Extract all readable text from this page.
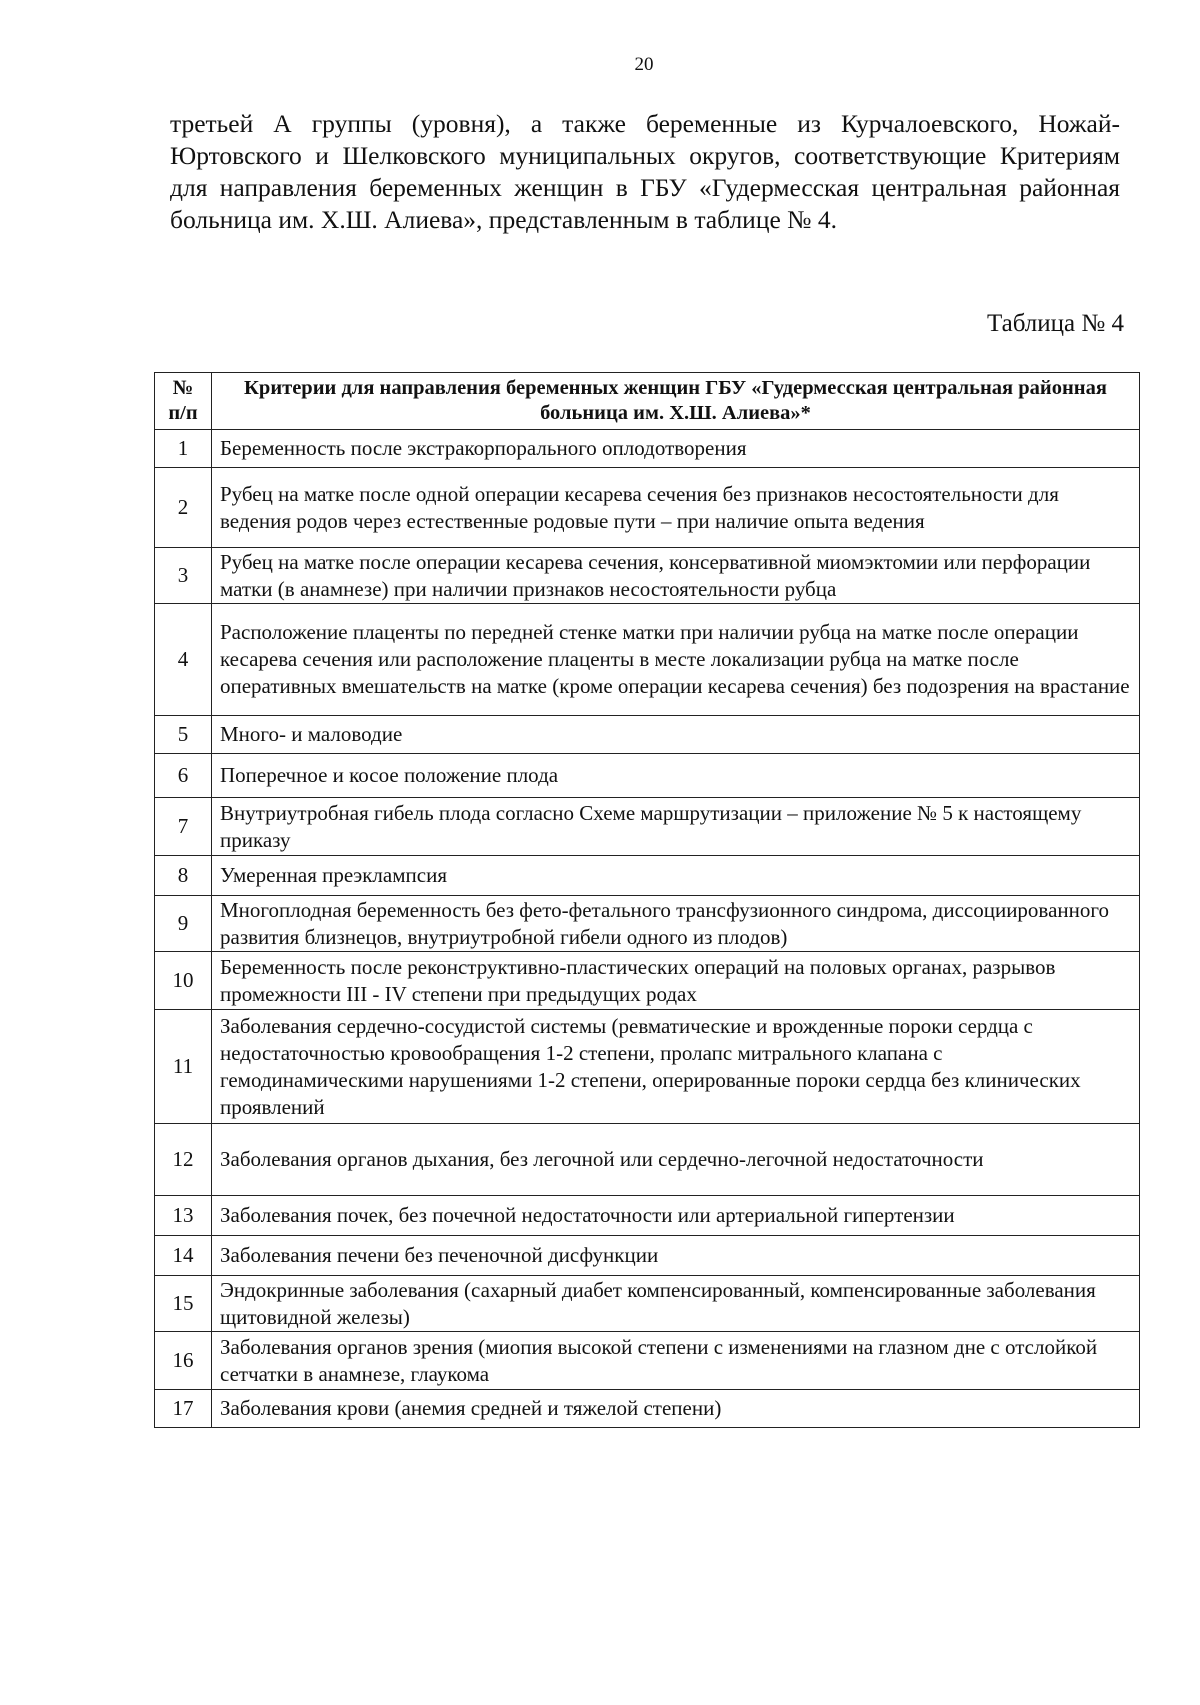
20

третьей А группы (уровня), а также беременные из Курчалоевского, Ножай-Юртовского и Шелковского муниципальных округов, соответствующие Критериям для направления беременных женщин в ГБУ «Гудермесская центральная районная больница им. Х.Ш. Алиева», представленным в таблице № 4.

Таблица № 4
№ п/п	Критерии для направления беременных женщин ГБУ «Гудермесская центральная районная больница им. Х.Ш. Алиева»*
1	Беременность после экстракорпорального оплодотворения
2	Рубец на матке после одной операции кесарева сечения без признаков несостоятельности для ведения родов через естественные родовые пути – при наличие опыта ведения
3	Рубец на матке после операции кесарева сечения, консервативной миомэктомии или перфорации матки (в анамнезе) при наличии признаков несостоятельности рубца
4	Расположение плаценты по передней стенке матки при наличии рубца на матке после операции кесарева сечения или расположение плаценты в месте локализации рубца на матке после оперативных вмешательств на матке (кроме операции кесарева сечения) без подозрения на врастание
5	Много- и маловодие
6	Поперечное и косое положение плода
7	Внутриутробная гибель плода согласно Схеме маршрутизации – приложение № 5 к настоящему приказу
8	Умеренная преэклампсия
9	Многоплодная беременность без фето-фетального трансфузионного синдрома, диссоциированного развития близнецов, внутриутробной гибели одного из плодов)
10	Беременность после реконструктивно-пластических операций на половых органах, разрывов промежности III - IV степени при предыдущих родах
11	Заболевания сердечно-сосудистой системы (ревматические и врожденные пороки сердца с недостаточностью кровообращения 1-2 степени, пролапс митрального клапана с гемодинамическими нарушениями 1-2 степени, оперированные пороки сердца без клинических проявлений
12	Заболевания органов дыхания, без легочной или сердечно-легочной недостаточности
13	Заболевания почек, без почечной недостаточности или артериальной гипертензии
14	Заболевания печени без печеночной дисфункции
15	Эндокринные заболевания (сахарный диабет компенсированный, компенсированные заболевания щитовидной железы)
16	Заболевания органов зрения (миопия высокой степени с изменениями на глазном дне с отслойкой сетчатки в анамнезе, глаукома
17	Заболевания крови (анемия средней и тяжелой степени)
